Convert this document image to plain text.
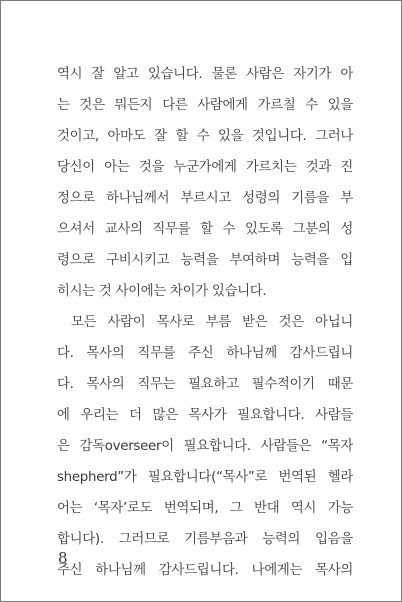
역시 잘 알고 있습니다. 물론 사람은 자기가 아
는 것은 뭐든지 다른 사람에게 가르칠 수 있을
것이고, 아마도 잘 할 수 있을 것입니다. 그러나
당신이 아는 것을 누군가에게 가르치는 것과 진
정으로 하나님께서 부르시고 성령의 기름을 부
으셔서 교사의 직무를 할 수 있도록 그분의 성
령으로 구비시키고 능력을 부여하며 능력을 입
히시는 것 사이에는 차이가 있습니다.
모든 사람이 목사로 부름 받은 것은 아닙니
다. 목사의 직무를 주신 하나님께 감사드립니
다. 목사의 직무는 필요하고 필수적이기 때문
에 우리는 더 많은 목사가 필요합니다. 사람들
은 감독overseer이 필요합니다. 사람들은 “목자
shepherd”가 필요합니다(“목사”로 번역된 헬라
어는 ‘목자’로도 번역되며, 그 반대 역시 가능
합니다). 그러므로 기름부음과 능력의 입음을
주신 하나님께 감사드립니다. 나에게는 목사의
8
